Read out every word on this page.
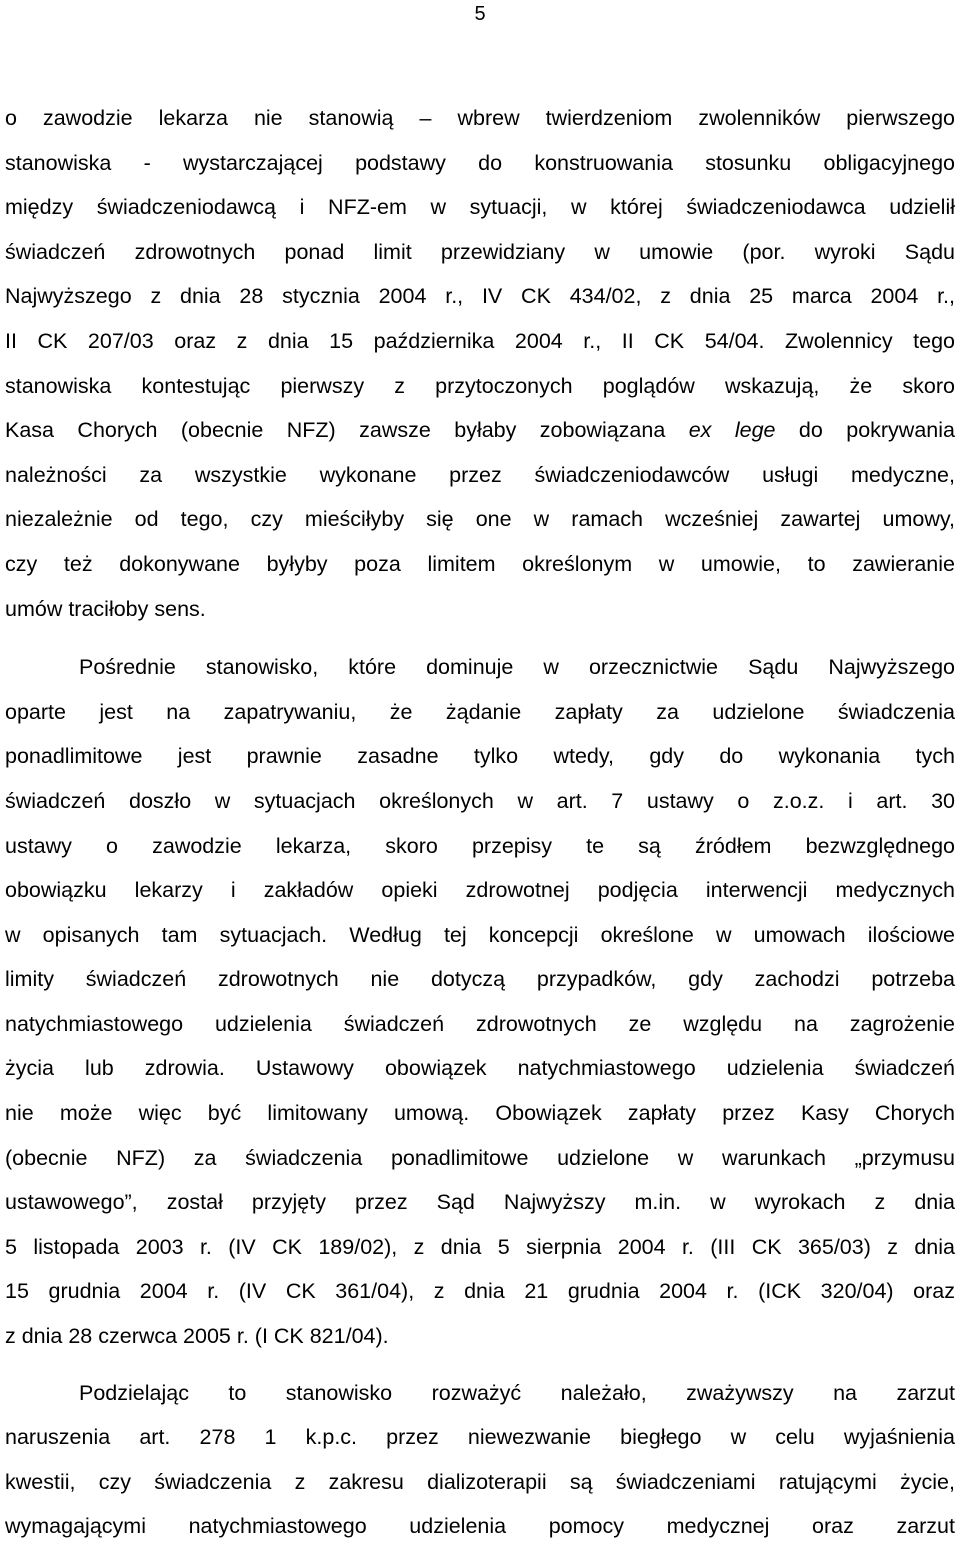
5

o zawodzie lekarza nie stanowią – wbrew twierdzeniom zwolenników pierwszego
stanowiska - wystarczającej podstawy do konstruowania stosunku obligacyjnego
między świadczeniodawcą i NFZ-em w sytuacji, w której świadczeniodawca udzielił
świadczeń zdrowotnych ponad limit przewidziany w umowie (por. wyroki Sądu
Najwyższego z dnia 28 stycznia 2004 r., IV CK 434/02, z dnia 25 marca 2004 r.,
II CK 207/03 oraz z dnia 15 października 2004 r., II CK 54/04. Zwolennicy tego
stanowiska kontestując pierwszy z przytoczonych poglądów wskazują, że skoro
Kasa Chorych (obecnie NFZ) zawsze byłaby zobowiązana ex lege do pokrywania
należności za wszystkie wykonane przez świadczeniodawców usługi medyczne,
niezależnie od tego, czy mieściłyby się one w ramach wcześniej zawartej umowy,
czy też dokonywane byłyby poza limitem określonym w umowie, to zawieranie
umów traciłoby sens.

Pośrednie stanowisko, które dominuje w orzecznictwie Sądu Najwyższego
oparte jest na zapatrywaniu, że żądanie zapłaty za udzielone świadczenia
ponadlimitowe jest prawnie zasadne tylko wtedy, gdy do wykonania tych
świadczeń doszło w sytuacjach określonych w art. 7 ustawy o z.o.z. i art. 30
ustawy o zawodzie lekarza, skoro przepisy te są źródłem bezwzględnego
obowiązku lekarzy i zakładów opieki zdrowotnej podjęcia interwencji medycznych
w opisanych tam sytuacjach. Według tej koncepcji określone w umowach ilościowe
limity świadczeń zdrowotnych nie dotyczą przypadków, gdy zachodzi potrzeba
natychmiastowego udzielenia świadczeń zdrowotnych ze względu na zagrożenie
życia lub zdrowia. Ustawowy obowiązek natychmiastowego udzielenia świadczeń
nie może więc być limitowany umową. Obowiązek zapłaty przez Kasy Chorych
(obecnie NFZ) za świadczenia ponadlimitowe udzielone w warunkach „przymusu
ustawowego”, został przyjęty przez Sąd Najwyższy m.in. w wyrokach z dnia
5 listopada 2003 r. (IV CK 189/02), z dnia 5 sierpnia 2004 r. (III CK 365/03) z dnia
15 grudnia 2004 r. (IV CK 361/04), z dnia 21 grudnia 2004 r. (ICK 320/04) oraz
z dnia 28 czerwca 2005 r. (I CK 821/04).

Podzielając to stanowisko rozważyć należało, zważywszy na zarzut
naruszenia art. 278 1 k.p.c. przez niewezwanie biegłego w celu wyjaśnienia
kwestii, czy świadczenia z zakresu dializoterapii są świadczeniami ratującymi życie,
wymagającymi natychmiastowego udzielenia pomocy medycznej oraz zarzut
